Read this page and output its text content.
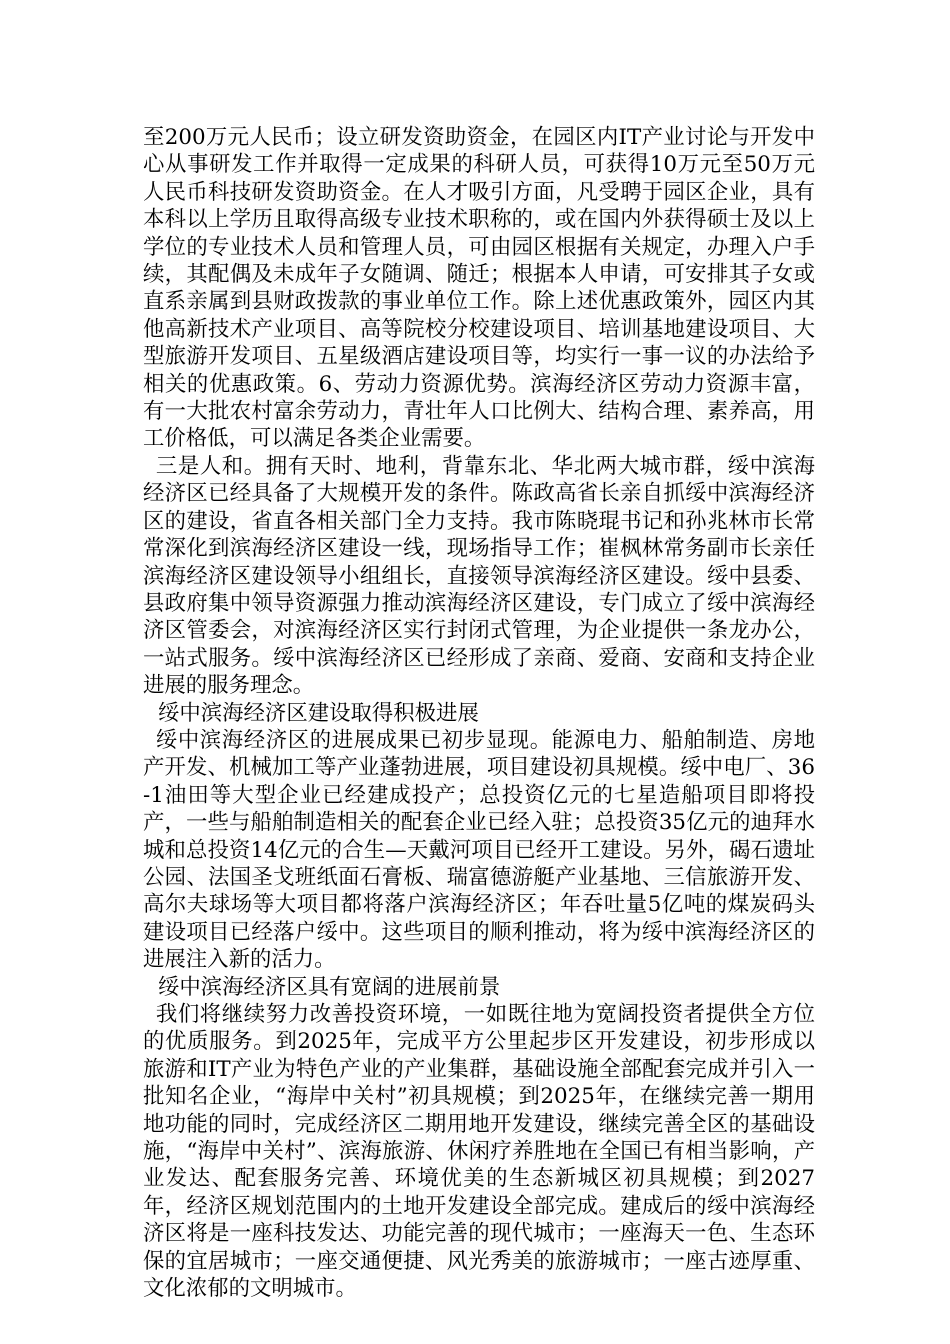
至200万元人民币；设立研发资助资金，在园区内IT产业讨论与开发中心从事研发工作并取得一定成果的科研人员，可获得10万元至50万元人民币科技研发资助资金。在人才吸引方面，凡受聘于园区企业，具有本科以上学历且取得高级专业技术职称的，或在国内外获得硕士及以上学位的专业技术人员和管理人员，可由园区根据有关规定，办理入户手续，其配偶及未成年子女随调、随迁；根据本人申请，可安排其子女或直系亲属到县财政拨款的事业单位工作。除上述优惠政策外，园区内其他高新技术产业项目、高等院校分校建设项目、培训基地建设项目、大型旅游开发项目、五星级酒店建设项目等，均实行一事一议的办法给予相关的优惠政策。6、劳动力资源优势。滨海经济区劳动力资源丰富，有一大批农村富余劳动力，青壮年人口比例大、结构合理、素养高，用工价格低，可以满足各类企业需要。

三是人和。拥有天时、地利，背靠东北、华北两大城市群，绥中滨海经济区已经具备了大规模开发的条件。陈政高省长亲自抓绥中滨海经济区的建设，省直各相关部门全力支持。我市陈晓琨书记和孙兆林市长常常深化到滨海经济区建设一线，现场指导工作；崔枫林常务副市长亲任滨海经济区建设领导小组组长，直接领导滨海经济区建设。绥中县委、县政府集中领导资源强力推动滨海经济区建设，专门成立了绥中滨海经济区管委会，对滨海经济区实行封闭式管理，为企业提供一条龙办公，一站式服务。绥中滨海经济区已经形成了亲商、爱商、安商和支持企业进展的服务理念。

绥中滨海经济区建设取得积极进展

绥中滨海经济区的进展成果已初步显现。能源电力、船舶制造、房地产开发、机械加工等产业蓬勃进展，项目建设初具规模。绥中电厂、36-1油田等大型企业已经建成投产；总投资亿元的七星造船项目即将投产，一些与船舶制造相关的配套企业已经入驻；总投资35亿元的迪拜水城和总投资14亿元的合生—天戴河项目已经开工建设。另外，碣石遗址公园、法国圣戈班纸面石膏板、瑞富德游艇产业基地、三信旅游开发、高尔夫球场等大项目都将落户滨海经济区；年吞吐量5亿吨的煤炭码头建设项目已经落户绥中。这些项目的顺利推动，将为绥中滨海经济区的进展注入新的活力。

绥中滨海经济区具有宽阔的进展前景

我们将继续努力改善投资环境，一如既往地为宽阔投资者提供全方位的优质服务。到2025年，完成平方公里起步区开发建设，初步形成以旅游和IT产业为特色产业的产业集群，基础设施全部配套完成并引入一批知名企业，“海岸中关村”初具规模；到2025年，在继续完善一期用地功能的同时，完成经济区二期用地开发建设，继续完善全区的基础设施，“海岸中关村”、滨海旅游、休闲疗养胜地在全国已有相当影响，产业发达、配套服务完善、环境优美的生态新城区初具规模；到2027年，经济区规划范围内的土地开发建设全部完成。建成后的绥中滨海经济区将是一座科技发达、功能完善的现代城市；一座海天一色、生态环保的宜居城市；一座交通便捷、风光秀美的旅游城市；一座古迹厚重、文化浓郁的文明城市。
